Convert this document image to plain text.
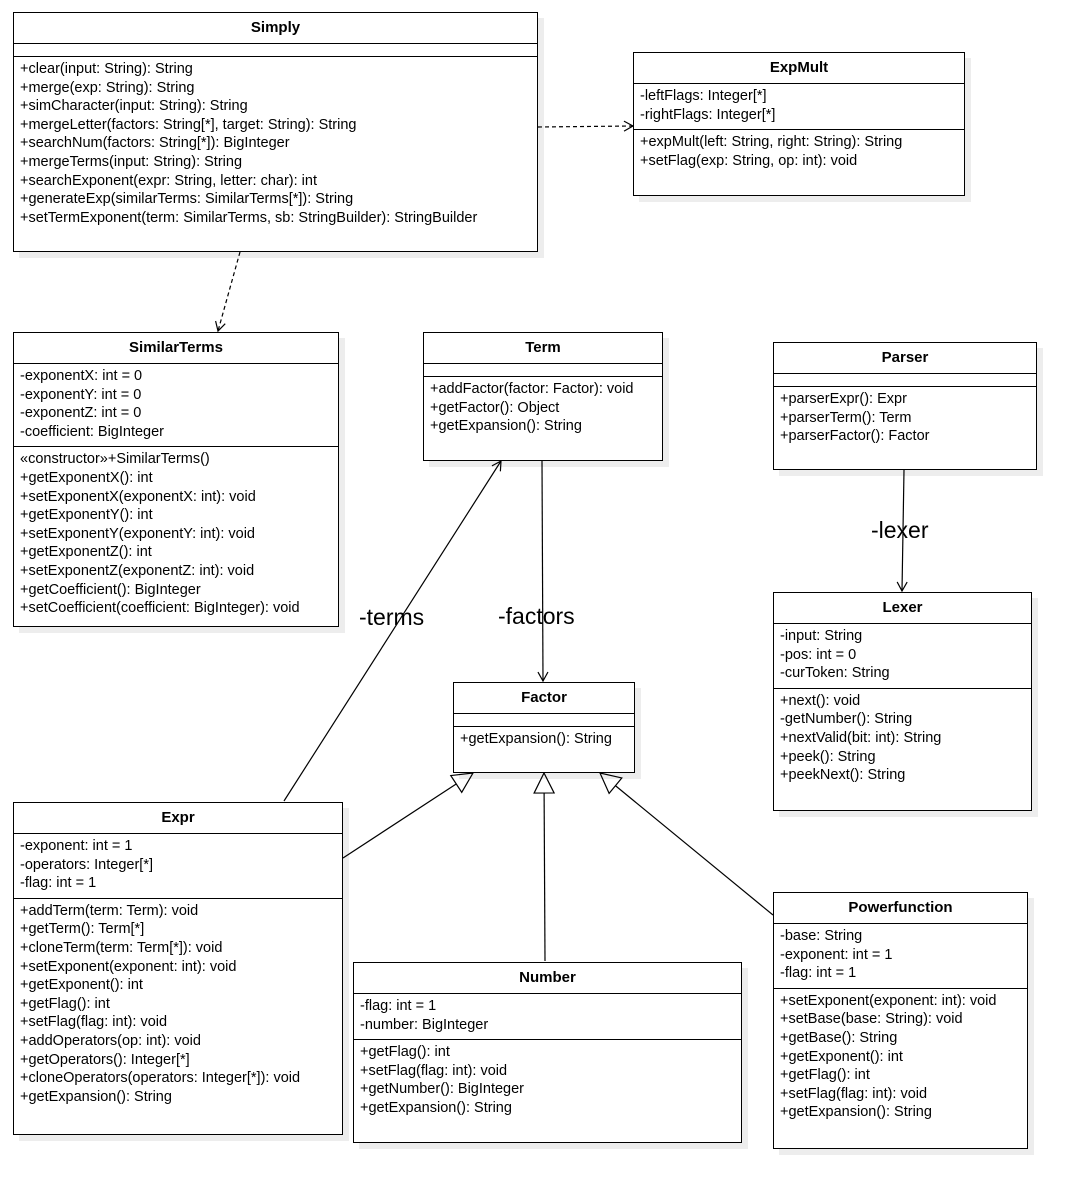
Simply
+clear(input: String): String
+merge(exp: String): String
+simCharacter(input: String): String
+mergeLetter(factors: String[*], target: String): String
+searchNum(factors: String[*]): BigInteger
+mergeTerms(input: String): String
+searchExponent(expr: String, letter: char): int
+generateExp(similarTerms: SimilarTerms[*]): String
+setTermExponent(term: SimilarTerms, sb: StringBuilder): StringBuilder
ExpMult
-leftFlags: Integer[*]
-rightFlags: Integer[*]
+expMult(left: String, right: String): String
+setFlag(exp: String, op: int): void
SimilarTerms
-exponentX: int = 0
-exponentY: int = 0
-exponentZ: int = 0
-coefficient: BigInteger
«constructor»+SimilarTerms()
+getExponentX(): int
+setExponentX(exponentX: int): void
+getExponentY(): int
+setExponentY(exponentY: int): void
+getExponentZ(): int
+setExponentZ(exponentZ: int): void
+getCoefficient(): BigInteger
+setCoefficient(coefficient: BigInteger): void
Term
+addFactor(factor: Factor): void
+getFactor(): Object
+getExpansion(): String
Parser
+parserExpr(): Expr
+parserTerm(): Term
+parserFactor(): Factor
Lexer
-input: String
-pos: int = 0
-curToken: String
+next(): void
-getNumber(): String
+nextValid(bit: int): String
+peek(): String
+peekNext(): String
Factor
+getExpansion(): String
Expr
-exponent: int = 1
-operators: Integer[*]
-flag: int = 1
+addTerm(term: Term): void
+getTerm(): Term[*]
+cloneTerm(term: Term[*]): void
+setExponent(exponent: int): void
+getExponent(): int
+getFlag(): int
+setFlag(flag: int): void
+addOperators(op: int): void
+getOperators(): Integer[*]
+cloneOperators(operators: Integer[*]): void
+getExpansion(): String
Number
-flag: int = 1
-number: BigInteger
+getFlag(): int
+setFlag(flag: int): void
+getNumber(): BigInteger
+getExpansion(): String
Powerfunction
-base: String
-exponent: int = 1
-flag: int = 1
+setExponent(exponent: int): void
+setBase(base: String): void
+getBase(): String
+getExponent(): int
+getFlag(): int
+setFlag(flag: int): void
+getExpansion(): String
-lexer
-terms	-factors
